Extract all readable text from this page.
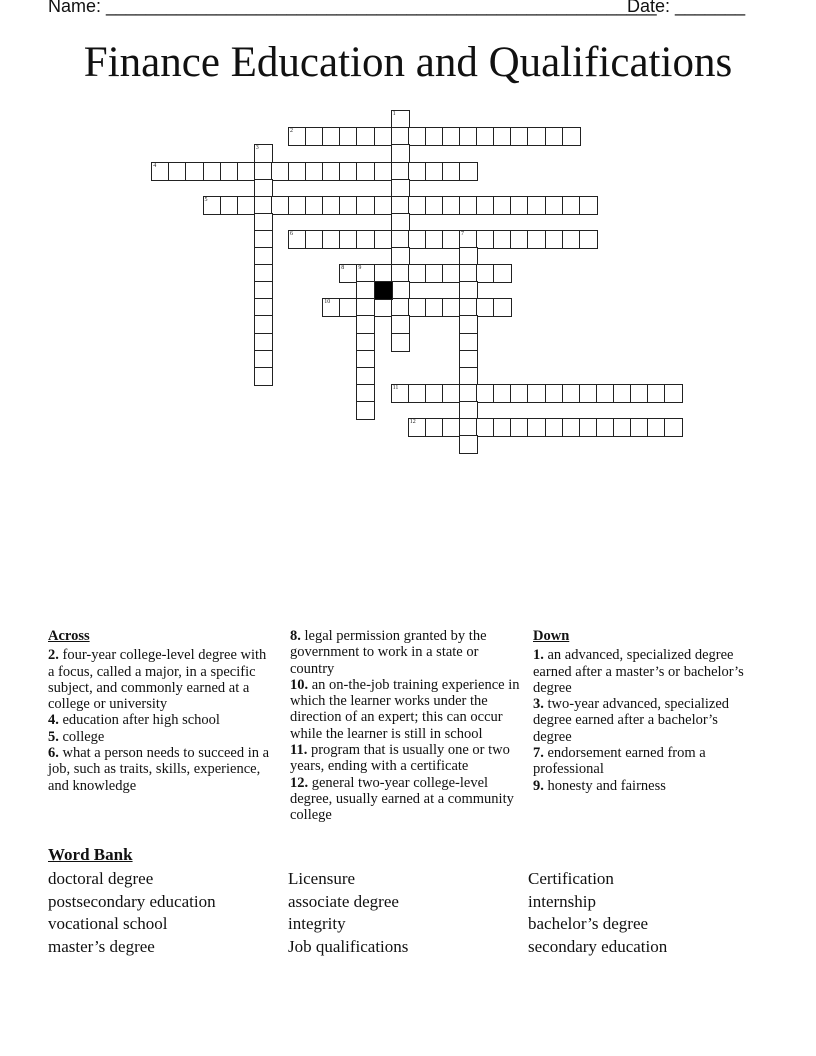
Name: _______________________________________________________
Date: _______
Finance Education and Qualifications
1
2
3
4
5
6	7
8 9
10
11
12
Across

2. four-year college-level degree with a focus, called a major, in a specific subject, and commonly earned at a college or university

4. education after high school

5. college

6. what a person needs to succeed in a job, such as traits, skills, experience, and knowledge

8. legal permission granted by the government to work in a state or country

10. an on-the-job training experience in which the learner works under the direction of an expert; this can occur while the learner is still in school

11. program that is usually one or two years, ending with a certificate

12. general two-year college-level degree, usually earned at a community college

Down

1. an advanced, specialized degree earned after a master’s or bachelor’s degree

3. two-year advanced, specialized degree earned after a bachelor’s degree

7. endorsement earned from a professional

9. honesty and fairness

Word Bank
doctoral degree
postsecondary education
vocational school
master’s degree
Licensure
associate degree
integrity
Job qualifications
Certification
internship
bachelor’s degree
secondary education
